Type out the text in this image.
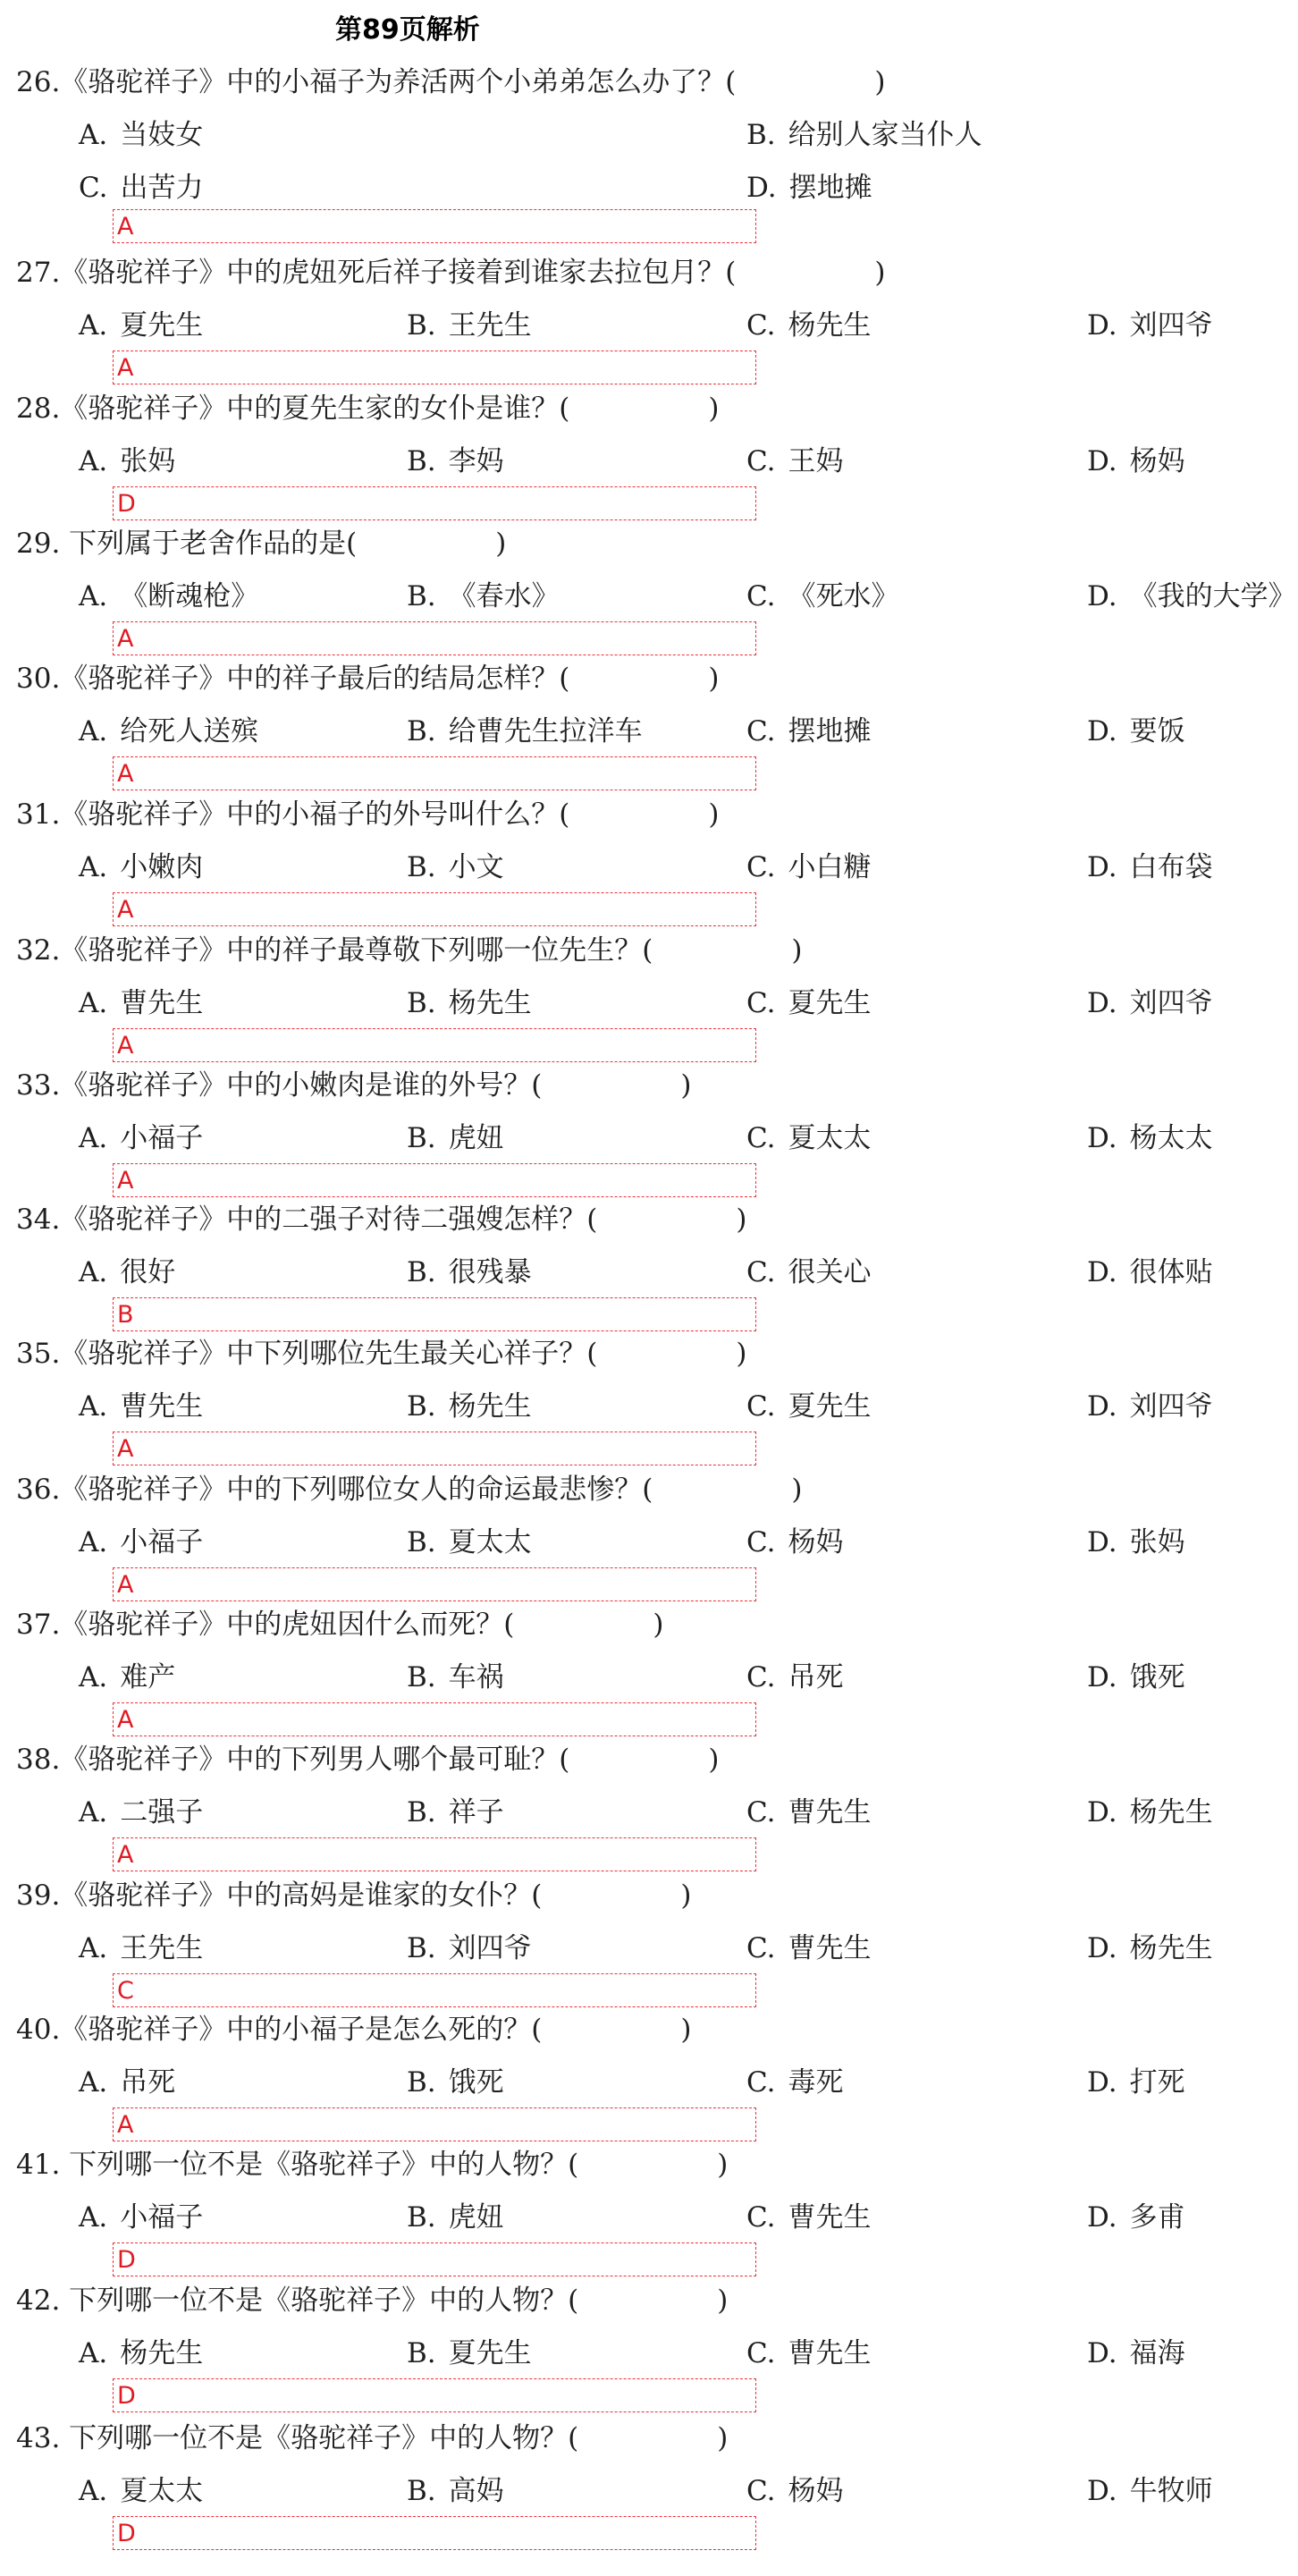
第89页解析
26.《骆驼祥子》中的小福子为养活两个小弟弟怎么办了？(　　　　　)
A. 当妓女	B. 给别人家当仆人
C. 出苦力	D. 摆地摊
A
27.《骆驼祥子》中的虎妞死后祥子接着到谁家去拉包月？(　　　　　)
A. 夏先生	B. 王先生	C. 杨先生	D. 刘四爷
A
28.《骆驼祥子》中的夏先生家的女仆是谁？(　　　　　)
A. 张妈	B. 李妈	C. 王妈	D. 杨妈
D
29. 下列属于老舍作品的是(　　　　　)
A. 《断魂枪》	B. 《春水》	C. 《死水》	D. 《我的大学》
A
30.《骆驼祥子》中的祥子最后的结局怎样？(　　　　　)
A. 给死人送殡	B. 给曹先生拉洋车	C. 摆地摊	D. 要饭
A
31.《骆驼祥子》中的小福子的外号叫什么？(　　　　　)
A. 小嫩肉	B. 小文	C. 小白糖	D. 白布袋
A
32.《骆驼祥子》中的祥子最尊敬下列哪一位先生？(　　　　　)
A. 曹先生	B. 杨先生	C. 夏先生	D. 刘四爷
A
33.《骆驼祥子》中的小嫩肉是谁的外号？(　　　　　)
A. 小福子	B. 虎妞	C. 夏太太	D. 杨太太
A
34.《骆驼祥子》中的二强子对待二强嫂怎样？(　　　　　)
A. 很好	B. 很残暴	C. 很关心	D. 很体贴
B
35.《骆驼祥子》中下列哪位先生最关心祥子？(　　　　　)
A. 曹先生	B. 杨先生	C. 夏先生	D. 刘四爷
A
36.《骆驼祥子》中的下列哪位女人的命运最悲惨？(　　　　　)
A. 小福子	B. 夏太太	C. 杨妈	D. 张妈
A
37.《骆驼祥子》中的虎妞因什么而死？(　　　　　)
A. 难产	B. 车祸	C. 吊死	D. 饿死
A
38.《骆驼祥子》中的下列男人哪个最可耻？(　　　　　)
A. 二强子	B. 祥子	C. 曹先生	D. 杨先生
A
39.《骆驼祥子》中的高妈是谁家的女仆？(　　　　　)
A. 王先生	B. 刘四爷	C. 曹先生	D. 杨先生
C
40.《骆驼祥子》中的小福子是怎么死的？(　　　　　)
A. 吊死	B. 饿死	C. 毒死	D. 打死
A
41. 下列哪一位不是《骆驼祥子》中的人物？(　　　　　)
A. 小福子	B. 虎妞	C. 曹先生	D. 多甫
D
42. 下列哪一位不是《骆驼祥子》中的人物？(　　　　　)
A. 杨先生	B. 夏先生	C. 曹先生	D. 福海
D
43. 下列哪一位不是《骆驼祥子》中的人物？(　　　　　)
A. 夏太太	B. 高妈	C. 杨妈	D. 牛牧师
D
